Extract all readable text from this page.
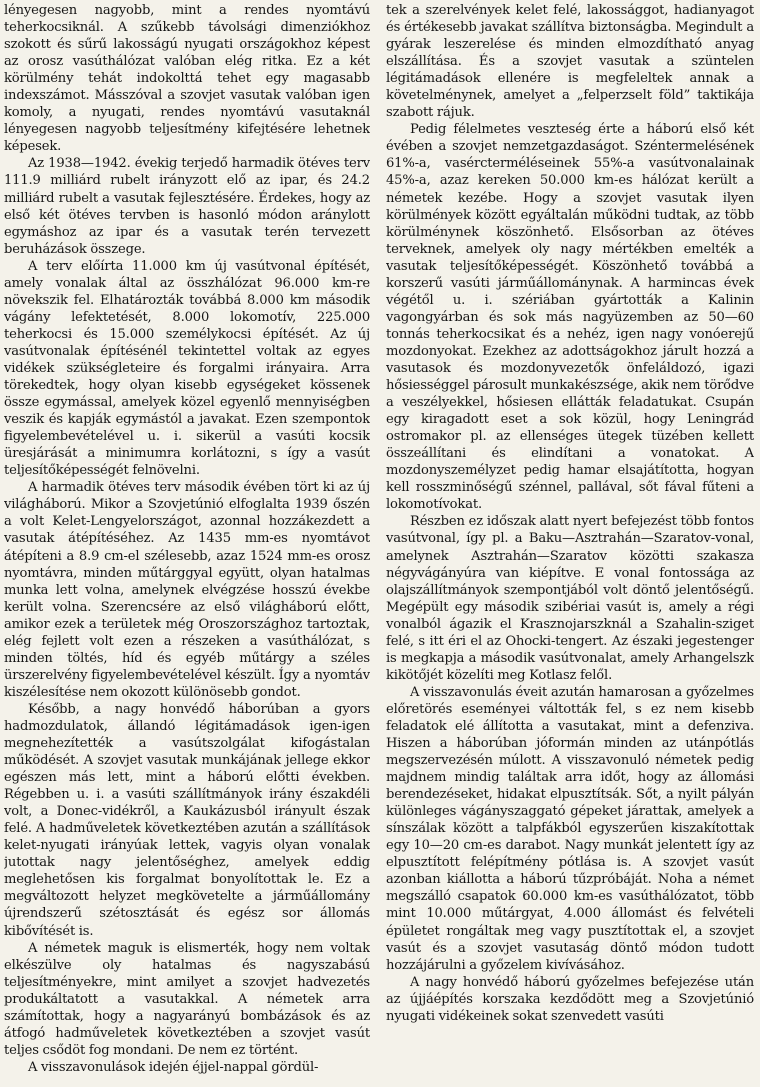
lényegesen nagyobb, mint a rendes nyomtávú teherkocsiknál. A szűkebb távolsági dimenziókhoz szokott és sűrű lakosságú nyugati országokhoz képest az orosz vasúthálózat valóban elég ritka. Ez a két körülmény tehát indokolttá tehet egy magasabb indexszámot. Másszóval a szovjet vasutak valóban igen komoly, a nyugati, rendes nyomtávú vasutaknál lényegesen nagyobb teljesítmény kifejtésére lehetnek képesek.

Az 1938—1942. évekig terjedő harmadik ötéves terv 111.9 milliárd rubelt irányzott elő az ipar, és 24.2 milliárd rubelt a vasutak fejlesztésére. Érdekes, hogy az első két ötéves tervben is hasonló módon aránylott egymáshoz az ipar és a vasutak terén tervezett beruházások összege.

A terv előírta 11.000 km új vasútvonal építését, amely vonalak által az összhálózat 96.000 km-re növekszik fel. Elhatározták továbbá 8.000 km második vágány lefektetését, 8.000 lokomotív, 225.000 teherkocsi és 15.000 személykocsi építését. Az új vasútvonalak építésénél tekintettel voltak az egyes vidékek szükségleteire és forgalmi irányaira. Arra törekedtek, hogy olyan kisebb egységeket kössenek össze egymással, amelyek közel egyenlő mennyiségben veszik és kapják egymástól a javakat. Ezen szempontok figyelembevételével u. i. sikerül a vasúti kocsik üresjárását a minimumra korlátozni, s így a vasút teljesítőképességét felnövelni.

A harmadik ötéves terv második évében tört ki az új világháború. Mikor a Szovjetúnió elfoglalta 1939 őszén a volt Kelet-Lengyelországot, azonnal hozzákezdett a vasutak átépítéséhez. Az 1435 mm-es nyomtávot átépíteni a 8.9 cm-el szélesebb, azaz 1524 mm-es orosz nyomtávra, minden műtárggyal együtt, olyan hatalmas munka lett volna, amelynek elvégzése hosszú évekbe került volna. Szerencsére az első világháború előtt, amikor ezek a területek még Oroszországhoz tartoztak, elég fejlett volt ezen a részeken a vasúthálózat, s minden töltés, híd és egyéb műtárgy a széles ürszerelvény figyelembevételével készült. Így a nyomtáv kiszélesítése nem okozott különösebb gondot.

Később, a nagy honvédő háborúban a gyors hadmozdulatok, állandó légitámadások igen-igen megnehezítették a vasútszolgálat kifogástalan működését. A szovjet vasutak munkájának jellege ekkor egészen más lett, mint a háború előtti években. Régebben u. i. a vasúti szállítmányok irány északdéli volt, a Donec-vidékről, a Kaukázusból irányult észak felé. A hadműveletek következtében azután a szállítások kelet-nyugati irányúak lettek, vagyis olyan vonalak jutottak nagy jelentőséghez, amelyek eddig meglehetősen kis forgalmat bonyolítottak le. Ez a megváltozott helyzet megkövetelte a járműállomány újrendszerű szétosztását és egész sor állomás kibővítését is.

A németek maguk is elismerték, hogy nem voltak elkészülve oly hatalmas és nagyszabású teljesítményekre, mint amilyet a szovjet hadvezetés produkáltatott a vasutakkal. A németek arra számítottak, hogy a nagyarányú bombázások és az átfogó hadműveletek következtében a szovjet vasút teljes csődöt fog mondani. De nem ez történt.

A visszavonulások idején éjjel-nappal gördül-

tek a szerelvények kelet felé, lakossággot, hadianyagot és értékesebb javakat szállítva biztonságba. Megindult a gyárak leszerelése és minden elmozdítható anyag elszállítása. És a szovjet vasutak a szüntelen légitámadások ellenére is megfeleltek annak a követelménynek, amelyet a „felperzselt föld” taktikája szabott rájuk.

Pedig félelmetes veszteség érte a háború első két évében a szovjet nemzetgazdaságot. Széntermelésének 61%-a, vasércterméléseinek 55%-a vasútvonalainak 45%-a, azaz kereken 50.000 km-es hálózat került a németek kezébe. Hogy a szovjet vasutak ilyen körülmények között egyáltalán működni tudtak, az több körülménynek köszönhető. Elsősorban az ötéves terveknek, amelyek oly nagy mértékben emelték a vasutak teljesítőképességét. Köszönhető továbbá a korszerű vasúti járműállománynak. A harmincas évek végétől u. i. szériában gyártották a Kalinin vagongyárban és sok más nagyüzemben az 50—60 tonnás teherkocsikat és a nehéz, igen nagy vonóerejű mozdonyokat. Ezekhez az adottságokhoz járult hozzá a vasutasok és mozdonyvezetők önfeláldozó, igazi hősiességgel párosult munkakészsége, akik nem törődve a veszélyekkel, hősiesen ellátták feladatukat. Csupán egy kiragadott eset a sok közül, hogy Leningrád ostromakor pl. az ellenséges ütegek tüzében kellett összeállítani és elindítani a vonatokat. A mozdonyszemélyzet pedig hamar elsajátította, hogyan kell rosszminőségű szénnel, pallával, sőt fával fűteni a lokomotívokat.

Részben ez időszak alatt nyert befejezést több fontos vasútvonal, így pl. a Baku—Asztrahán—Szaratov-vonal, amelynek Asztrahán—Szaratov közötti szakasza négyvágányúra van kiépítve. E vonal fontossága az olajszállítmányok szempontjából volt döntő jelentőségű. Megépült egy második szibériai vasút is, amely a régi vonalból ágazik el Krasznojarszknál a Szahalin-sziget felé, s itt éri el az Ohocki-tengert. Az északi jegestenger is megkapja a második vasútvonalat, amely Arhangelszk kikötőjét közelíti meg Kotlasz felől.

A visszavonulás éveit azután hamarosan a győzelmes előretörés eseményei váltották fel, s ez nem kisebb feladatok elé állította a vasutakat, mint a defenziva. Hiszen a háborúban jóformán minden az utánpótlás megszervezésén múlott. A visszavonuló németek pedig majdnem mindig találtak arra időt, hogy az állomási berendezéseket, hidakat elpusztítsák. Sőt, a nyilt pályán különleges vágányszaggató gépeket járattak, amelyek a sínszálak között a talpfákból egyszerűen kiszakítottak egy 10—20 cm-es darabot. Nagy munkát jelentett így az elpusztított felépítmény pótlása is. A szovjet vasút azonban kiállotta a háború tűzpróbáját. Noha a német megszálló csapatok 60.000 km-es vasúthálózatot, több mint 10.000 műtárgyat, 4.000 állomást és felvételi épületet rongáltak meg vagy pusztítottak el, a szovjet vasút és a szovjet vasutaság döntő módon tudott hozzájárulni a győzelem kivívásához.

A nagy honvédő háború győzelmes befejezése után az újjáépítés korszaka kezdődött meg a Szovjetúnió nyugati vidékeinek sokat szenvedett vasúti
